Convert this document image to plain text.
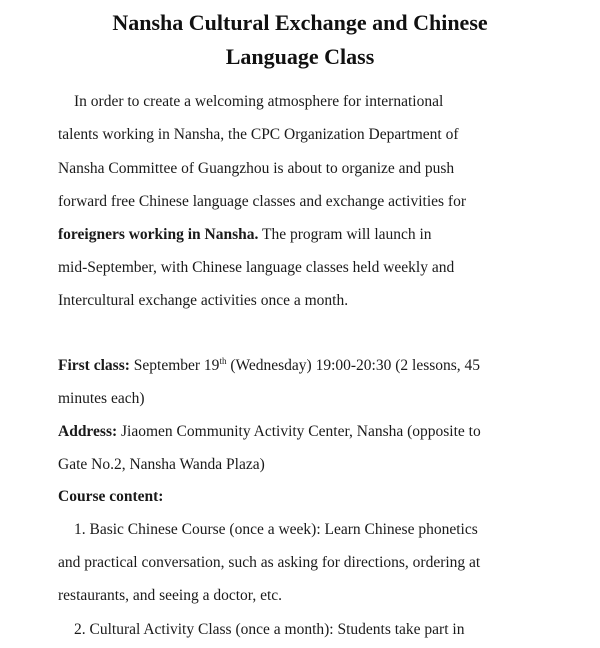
Nansha Cultural Exchange and Chinese
Language Class
In order to create a welcoming atmosphere for international
talents working in Nansha, the CPC Organization Department of
Nansha Committee of Guangzhou is about to organize and push
forward free Chinese language classes and exchange activities for
foreigners working in Nansha. The program will launch in
mid-September, with Chinese language classes held weekly and
Intercultural exchange activities once a month.
First class: September 19th (Wednesday) 19:00-20:30 (2 lessons, 45
minutes each)
Address: Jiaomen Community Activity Center, Nansha (opposite to
Gate No.2, Nansha Wanda Plaza)
Course content:
1. Basic Chinese Course (once a week): Learn Chinese phonetics
and practical conversation, such as asking for directions, ordering at
restaurants, and seeing a doctor, etc.
2. Cultural Activity Class (once a month): Students take part in
